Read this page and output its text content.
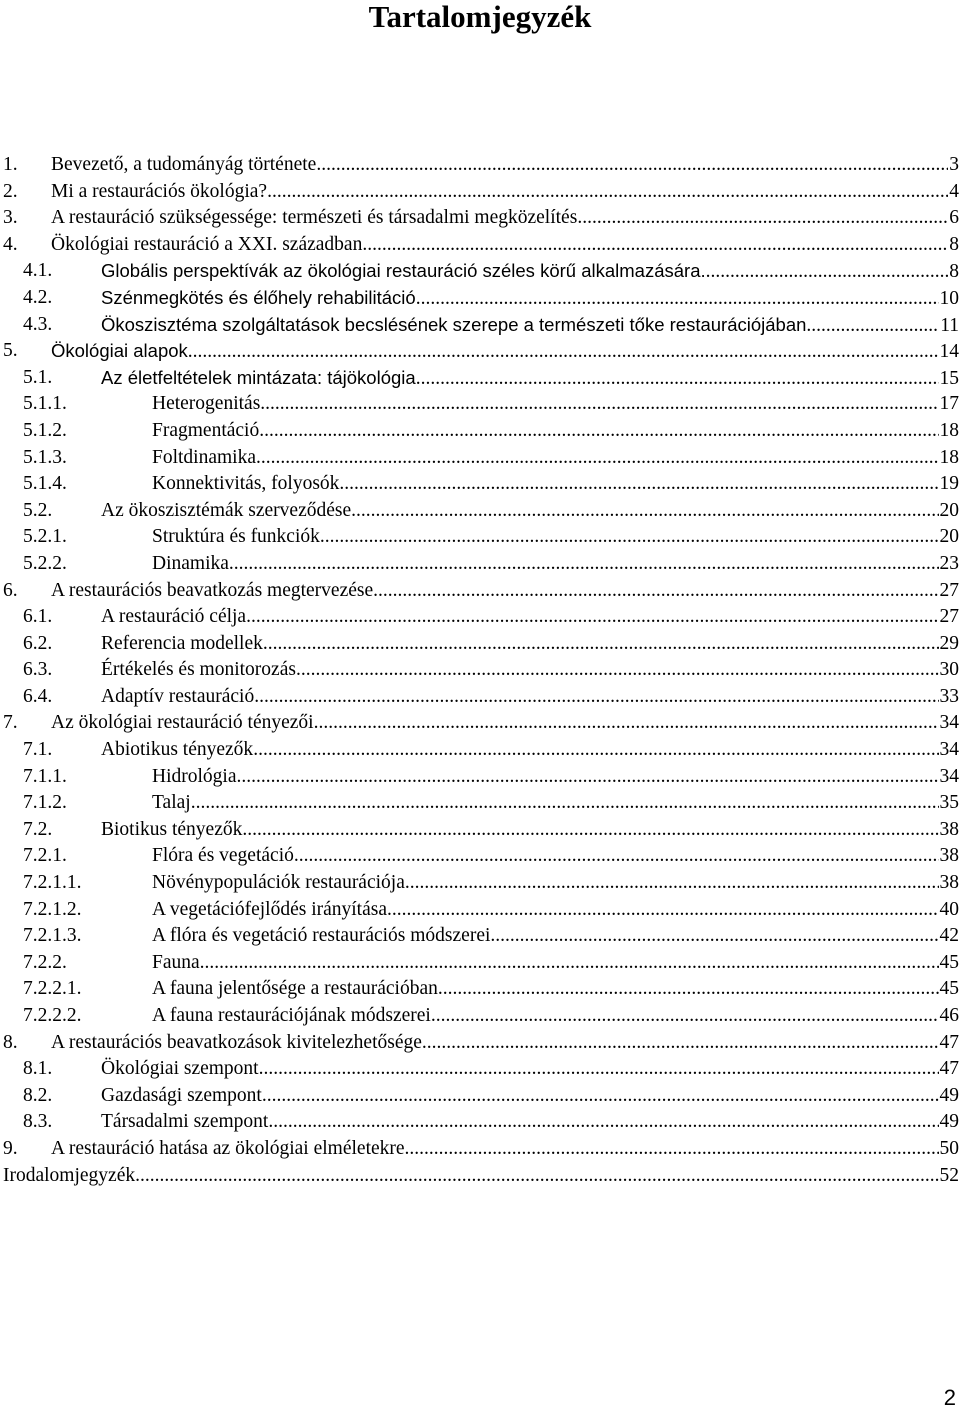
Tartalomjegyzék
1. Bevezető, a tudományág története .....	3
2. Mi a restaurációs ökológia? .....	4
3. A restauráció szükségessége: természeti és társadalmi megközelítés .....	6
4. Ökológiai restauráció a XXI. században .....	8
4.1.	Globális perspektívák az ökológiai restauráció széles körű alkalmazására. .....	8
4.2.	Szénmegkötés és élőhely rehabilitáció .....	10
4.3.	Ökoszisztéma szolgáltatások becslésének szerepe a természeti tőke restaurációjában .....	11
5. Ökológiai alapok .....	14
5.1.	Az életfeltételek mintázata: tájökológia .....	15
5.1.1.	Heterogenitás .....	17
5.1.2.	Fragmentáció .....	18
5.1.3.	Foltdinamika .....	18
5.1.4.	Konnektivitás, folyosók .....	19
5.2.	Az ökoszisztémák szerveződése .....	20
5.2.1.	Struktúra és funkciók .....	20
5.2.2.	Dinamika .....	23
6. A restaurációs beavatkozás megtervezése .....	27
6.1.	A restauráció célja .....	27
6.2.	Referencia modellek .....	29
6.3.	Értékelés és monitorozás .....	30
6.4.	Adaptív restauráció .....	33
7. Az ökológiai restauráció tényezői .....	34
7.1.	Abiotikus tényezők .....	34
7.1.1.	Hidrológia .....	34
7.1.2.	Talaj .....	35
7.2.	Biotikus tényezők .....	38
7.2.1.	Flóra és vegetáció .....	38
7.2.1.1.	Növénypopulációk restaurációja .....	38
7.2.1.2.	A vegetációfejlődés irányítása .....	40
7.2.1.3.	A flóra és vegetáció restaurációs módszerei .....	42
7.2.2.	Fauna .....	45
7.2.2.1.	A fauna jelentősége a restaurációban .....	45
7.2.2.2.	A fauna restaurációjának módszerei .....	46
8. A restaurációs beavatkozások kivitelezhetősége .....	47
8.1.	Ökológiai szempont .....	47
8.2.	Gazdasági szempont .....	49
8.3.	Társadalmi szempont .....	49
9. A restauráció hatása az ökológiai elméletekre .....	50
Irodalomjegyzék .....	52
2
